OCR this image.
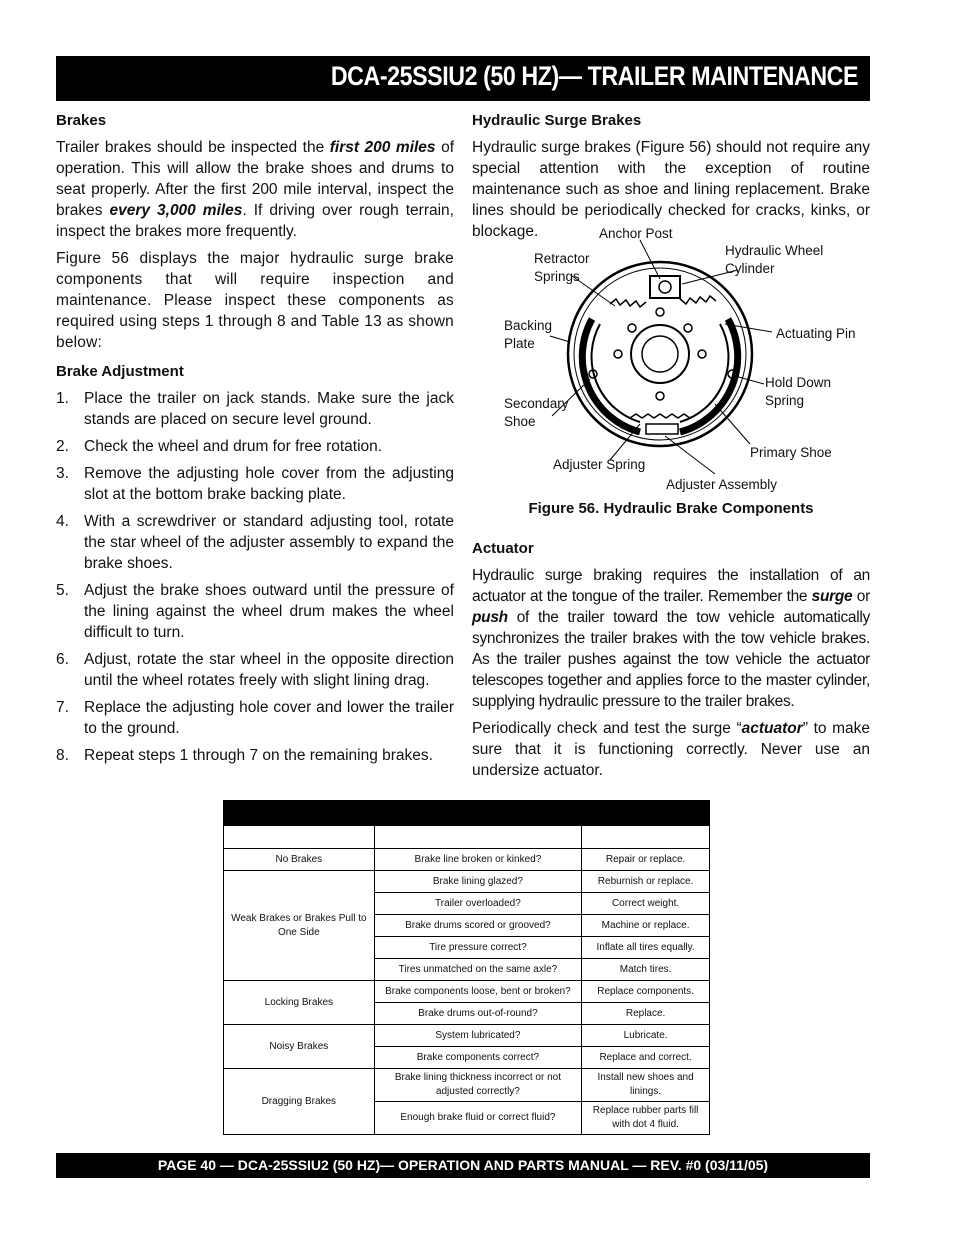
DCA-25SSIU2 (50 HZ)— TRAILER MAINTENANCE
Brakes

Trailer brakes should be inspected the first 200 miles of operation. This will allow the brake shoes and drums to seat properly. After the first 200 mile interval, inspect the brakes every 3,000 miles. If driving over rough terrain, inspect the brakes more frequently.

Figure 56 displays the major hydraulic surge brake components that will require inspection and maintenance. Please inspect these components as required using steps 1 through 8 and Table 13 as shown below:

Brake Adjustment
1. Place the trailer on jack stands. Make sure the jack stands are placed on secure level ground.
2. Check the wheel and drum for free rotation.
3. Remove the adjusting hole cover from the adjusting slot at the bottom brake backing plate.
4. With a screwdriver or standard adjusting tool, rotate the star wheel of the adjuster assembly to expand the brake shoes.
5. Adjust the brake shoes outward until the pressure of the lining against the wheel drum makes the wheel difficult to turn.
6. Adjust, rotate the star wheel in the opposite direction until the wheel rotates freely with slight lining drag.
7. Replace the adjusting hole cover and lower the trailer to the ground.
8. Repeat steps 1 through 7 on the remaining brakes.
Hydraulic Surge Brakes

Hydraulic surge brakes (Figure 56) should not require any special attention with the exception of routine maintenance such as shoe and lining replacement. Brake lines should be periodically checked for cracks, kinks, or blockage.	Anchor Post
Retractor
Springs
Hydraulic Wheel
Cylinder
Backing
Plate
Actuating Pin
Secondary
Shoe
Hold Down
Spring
Primary Shoe
Adjuster Spring
Adjuster Assembly
Figure 56. Hydraulic Brake Components
Actuator

Hydraulic surge braking requires the installation of an actuator at the tongue of the trailer. Remember the surge or push of the trailer toward the tow vehicle automatically synchronizes the trailer brakes with the tow vehicle brakes. As the trailer pushes against the tow vehicle the actuator telescopes together and applies force to the master cylinder, supplying hydraulic pressure to the trailer brakes.

Periodically check and test the surge “actuator” to make sure that it is functioning correctly. Never use an undersize actuator.

No Brakes	Brake line broken or kinked?	Repair or replace.
Weak Brakes or Brakes Pull to One Side	Brake lining glazed?	Reburnish or replace.
	Trailer overloaded?	Correct weight.
	Brake drums scored or grooved?	Machine or replace.
	Tire pressure correct?	Inflate all tires equally.
	Tires unmatched on the same axle?	Match tires.
Locking Brakes	Brake components loose, bent or broken?	Replace components.
	Brake drums out-of-round?	Replace.
Noisy Brakes	System lubricated?	Lubricate.
	Brake components correct?	Replace and correct.
Dragging Brakes	Brake lining thickness incorrect or not adjusted correctly?	Install new shoes and linings.
	Enough brake fluid or correct fluid?	Replace rubber parts fill with dot 4 fluid.
PAGE 40 — DCA-25SSIU2 (50 HZ)— OPERATION AND PARTS MANUAL — REV. #0 (03/11/05)
